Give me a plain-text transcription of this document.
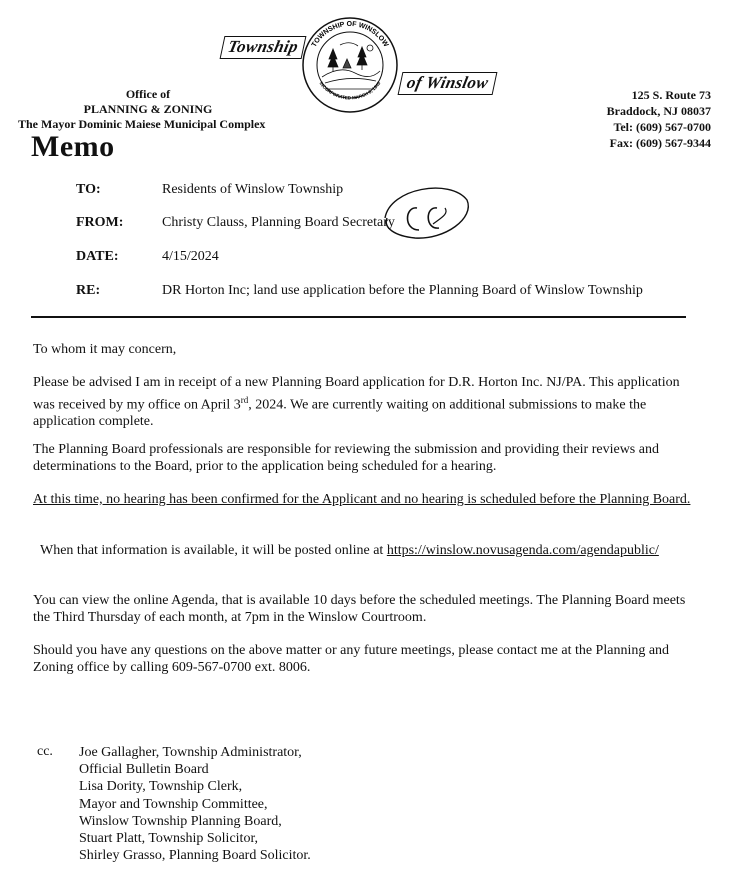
Township
of Winslow
TOWNSHIP OF WINSLOW
INCORPORATED MARCH 8, 1845
Office of
PLANNING & ZONING
The Mayor Dominic Maiese Municipal Complex
125 S. Route 73
Braddock, NJ 08037
Tel: (609) 567-0700
Fax: (609) 567-9344
Memo
TO:	Residents of Winslow Township
FROM:	Christy Clauss, Planning Board Secretary
DATE:	4/15/2024
RE:	DR Horton Inc; land use application before the Planning Board of Winslow Township
To whom it may concern,
Please be advised I am in receipt of a new Planning Board application for D.R. Horton Inc. NJ/PA. This application was received by my office on April 3rd, 2024. We are currently waiting on additional submissions to make the application complete.
The Planning Board professionals are responsible for reviewing the submission and providing their reviews and determinations to the Board, prior to the application being scheduled for a hearing.
At this time, no hearing has been confirmed for the Applicant and no hearing is scheduled before the Planning Board.
When that information is available, it will be posted online at https://winslow.novusagenda.com/agendapublic/
You can view the online Agenda, that is available 10 days before the scheduled meetings. The Planning Board meets the Third Thursday of each month, at 7pm in the Winslow Courtroom.
Should you have any questions on the above matter or any future meetings, please contact me at the Planning and Zoning office by calling 609-567-0700 ext. 8006.
cc. Joe Gallagher, Township Administrator,
Official Bulletin Board
Lisa Dority, Township Clerk,
Mayor and Township Committee,
Winslow Township Planning Board,
Stuart Platt, Township Solicitor,
Shirley Grasso, Planning Board Solicitor.
